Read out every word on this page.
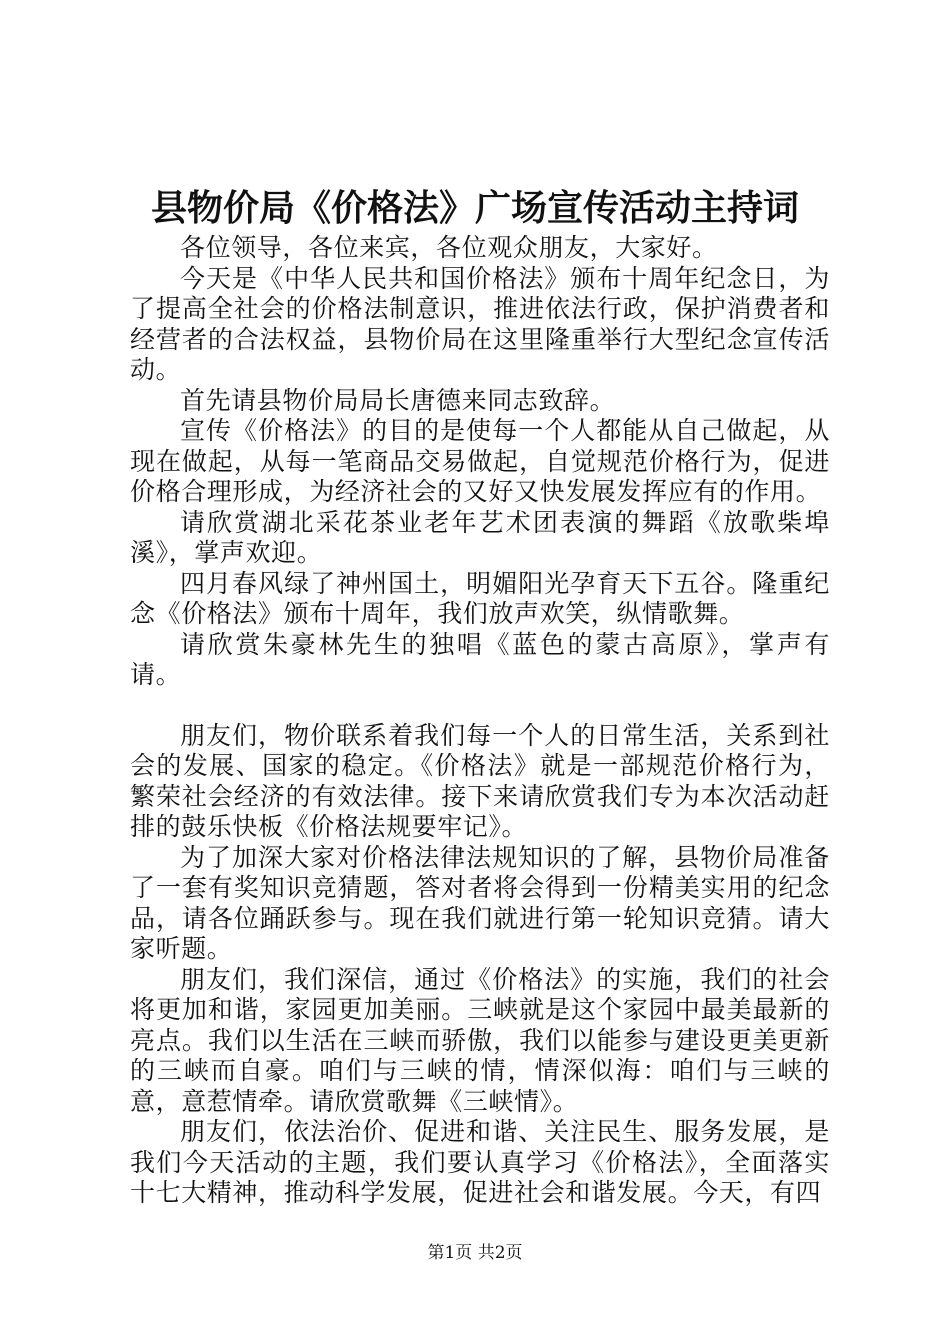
县物价局《价格法》广场宣传活动主持词

各位领导，各位来宾，各位观众朋友，大家好。

今天是《中华人民共和国价格法》颁布十周年纪念日，为了提高全社会的价格法制意识，推进依法行政，保护消费者和经营者的合法权益，县物价局在这里隆重举行大型纪念宣传活动。

首先请县物价局局长唐德来同志致辞。

宣传《价格法》的目的是使每一个人都能从自己做起，从现在做起，从每一笔商品交易做起，自觉规范价格行为，促进价格合理形成，为经济社会的又好又快发展发挥应有的作用。

请欣赏湖北采花茶业老年艺术团表演的舞蹈《放歌柴埠溪》，掌声欢迎。

四月春风绿了神州国土，明媚阳光孕育天下五谷。隆重纪念《价格法》颁布十周年，我们放声欢笑，纵情歌舞。

请欣赏朱豪林先生的独唱《蓝色的蒙古高原》，掌声有请。

朋友们，物价联系着我们每一个人的日常生活，关系到社会的发展、国家的稳定。《价格法》就是一部规范价格行为，繁荣社会经济的有效法律。接下来请欣赏我们专为本次活动赶排的鼓乐快板《价格法规要牢记》。

为了加深大家对价格法律法规知识的了解，县物价局准备了一套有奖知识竞猜题，答对者将会得到一份精美实用的纪念品，请各位踊跃参与。现在我们就进行第一轮知识竞猜。请大家听题。

朋友们，我们深信，通过《价格法》的实施，我们的社会将更加和谐，家园更加美丽。三峡就是这个家园中最美最新的亮点。我们以生活在三峡而骄傲，我们以能参与建设更美更新的三峡而自豪。咱们与三峡的情，情深似海：咱们与三峡的意，意惹情牵。请欣赏歌舞《三峡情》。

朋友们，依法治价、促进和谐、关注民生、服务发展，是我们今天活动的主题，我们要认真学习《价格法》，全面落实十七大精神，推动科学发展，促进社会和谐发展。今天，有四

第1页 共2页
